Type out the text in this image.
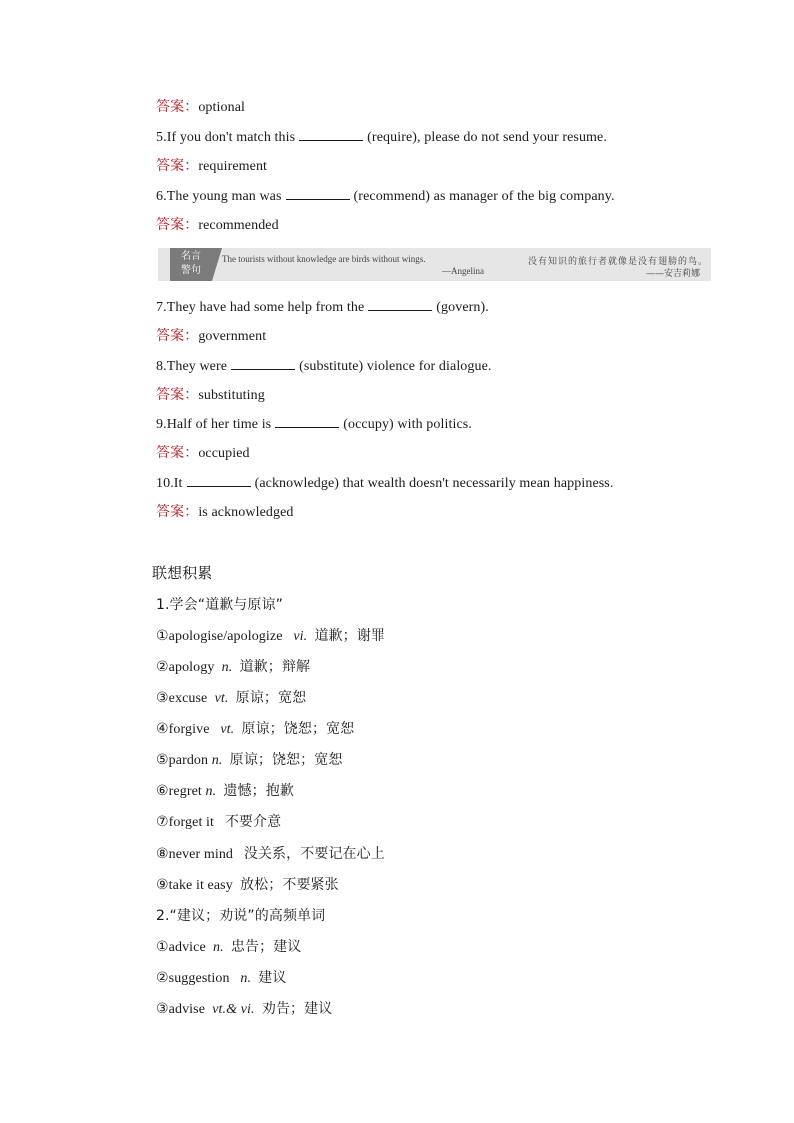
答案：optional
5.If you don't match this	(require), please do not send your resume.
答案：requirement
6.The young man was	(recommend) as manager of the big company.
答案：recommended
名言
警句
The tourists without knowledge are birds without wings.
—Angelina
没有知识的旅行者就像是没有翅膀的鸟。
——安吉莉娜
7.They have had some help from the	(govern).
答案：government
8.They were	(substitute) violence for dialogue.
答案：substituting
9.Half of her time is	(occupy) with politics.
答案：occupied
10.It	(acknowledge) that wealth doesn't necessarily mean happiness.
答案：is acknowledged
联想积累
1.学会“道歉与原谅”
①apologise/apologize vi. 道歉；谢罪
②apology n. 道歉；辩解
③excuse vt. 原谅；宽恕
④forgive vt. 原谅；饶恕；宽恕
⑤pardon n. 原谅；饶恕；宽恕
⑥regret n. 遗憾；抱歉
⑦forget it 不要介意
⑧never mind 没关系，不要记在心上
⑨take it easy 放松；不要紧张
2.“建议；劝说”的高频单词
①advice n. 忠告；建议
②suggestion n. 建议
③advise vt.& vi. 劝告；建议
